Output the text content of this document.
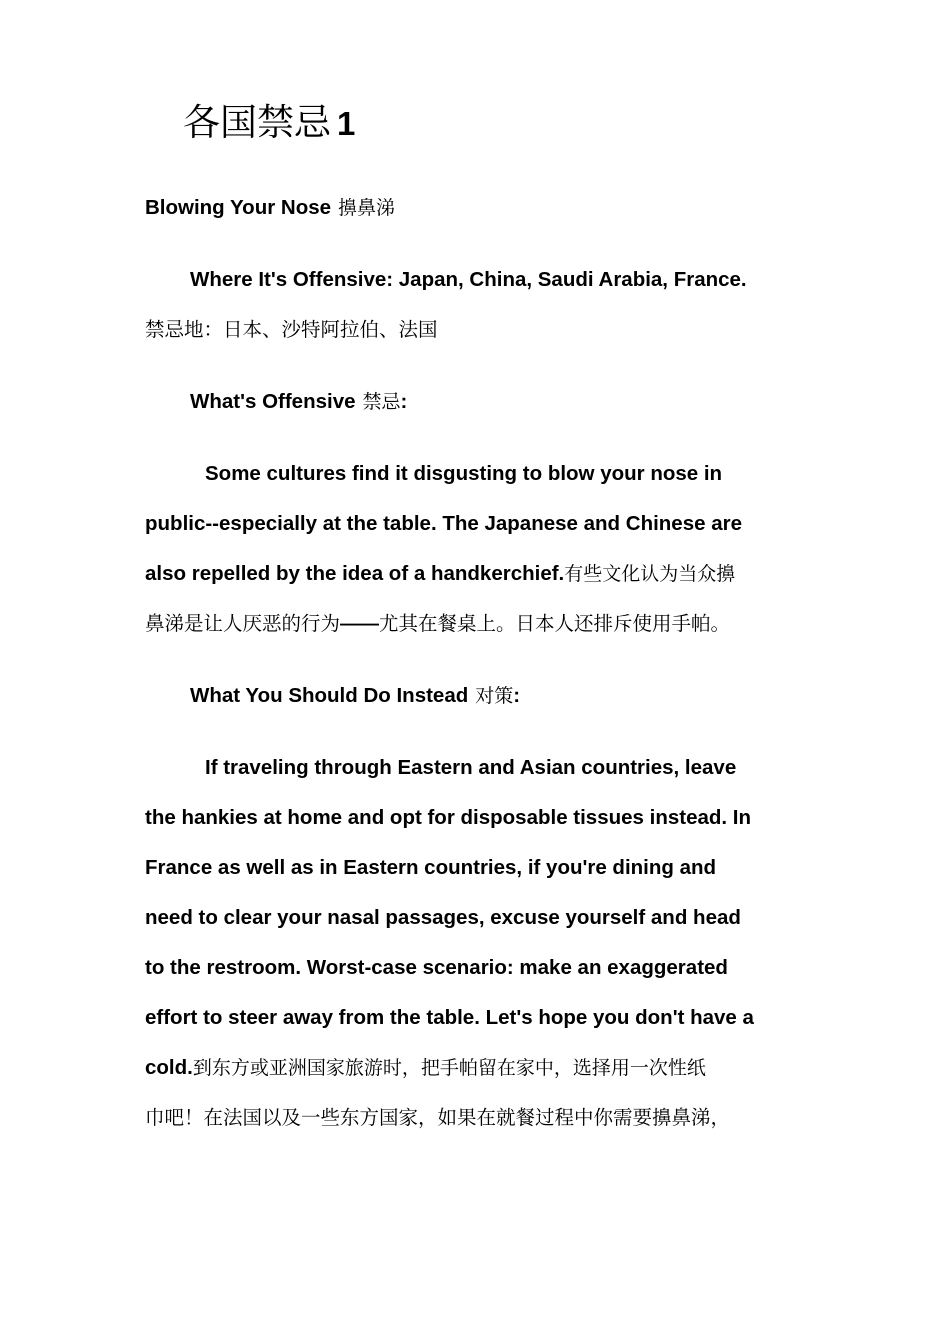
各国禁忌 1
Blowing Your Nose 擤鼻涕
Where It's Offensive: Japan, China, Saudi Arabia, France.
禁忌地：日本、沙特阿拉伯、法国
What's Offensive 禁忌:
Some cultures find it disgusting to blow your nose in
public--especially at the table. The Japanese and Chinese are
also repelled by the idea of a handkerchief.有些文化认为当众擤
鼻涕是让人厌恶的行为——尤其在餐桌上。日本人还排斥使用手帕。
What You Should Do Instead 对策:
If traveling through Eastern and Asian countries, leave
the hankies at home and opt for disposable tissues instead. In
France as well as in Eastern countries, if you're dining and
need to clear your nasal passages, excuse yourself and head
to the restroom. Worst-case scenario: make an exaggerated
effort to steer away from the table. Let's hope you don't have a
cold.到东方或亚洲国家旅游时，把手帕留在家中，选择用一次性纸
巾吧！在法国以及一些东方国家，如果在就餐过程中你需要擤鼻涕，
